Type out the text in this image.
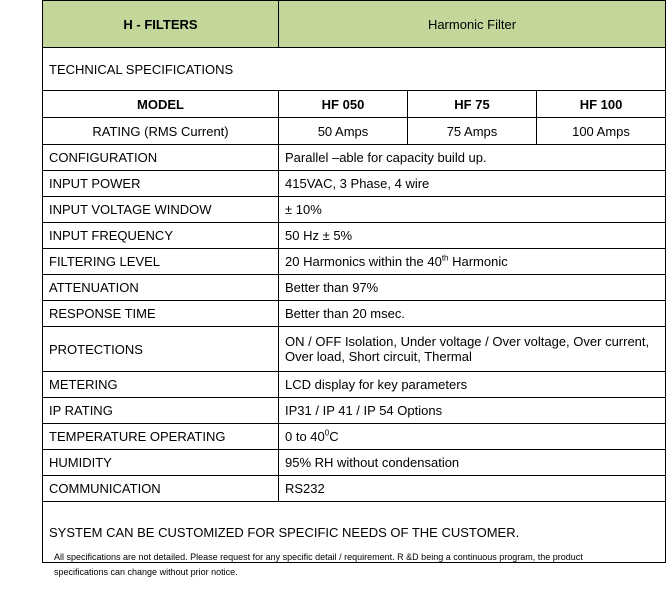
H - FILTERS	Harmonic Filter		
TECHNICAL SPECIFICATIONS			
MODEL	HF 050	HF 75	HF 100
RATING (RMS Current)	50 Amps	75 Amps	100 Amps
CONFIGURATION	Parallel –able for capacity build up.		
INPUT POWER	415VAC, 3 Phase, 4 wire		
INPUT VOLTAGE WINDOW	± 10%		
INPUT FREQUENCY	50 Hz ± 5%		
FILTERING LEVEL	20 Harmonics within the 40th Harmonic		
ATTENUATION	Better than 97%		
RESPONSE TIME	Better than 20 msec.		
PROTECTIONS	ON / OFF Isolation, Under voltage / Over voltage, Over current, Over load, Short circuit, Thermal		
METERING	LCD display for key parameters		
IP RATING	IP31 / IP 41 / IP 54 Options		
TEMPERATURE OPERATING	0 to $40^0C$		
HUMIDITY	95% RH without condensation		
COMMUNICATION	RS232		

SYSTEM CAN BE CUSTOMIZED FOR SPECIFIC NEEDS OF THE CUSTOMER.			
All specifications are not detailed. Please request for any specific detail / requirement. R &D being a continuous program, the product
specifications can change without prior notice.
